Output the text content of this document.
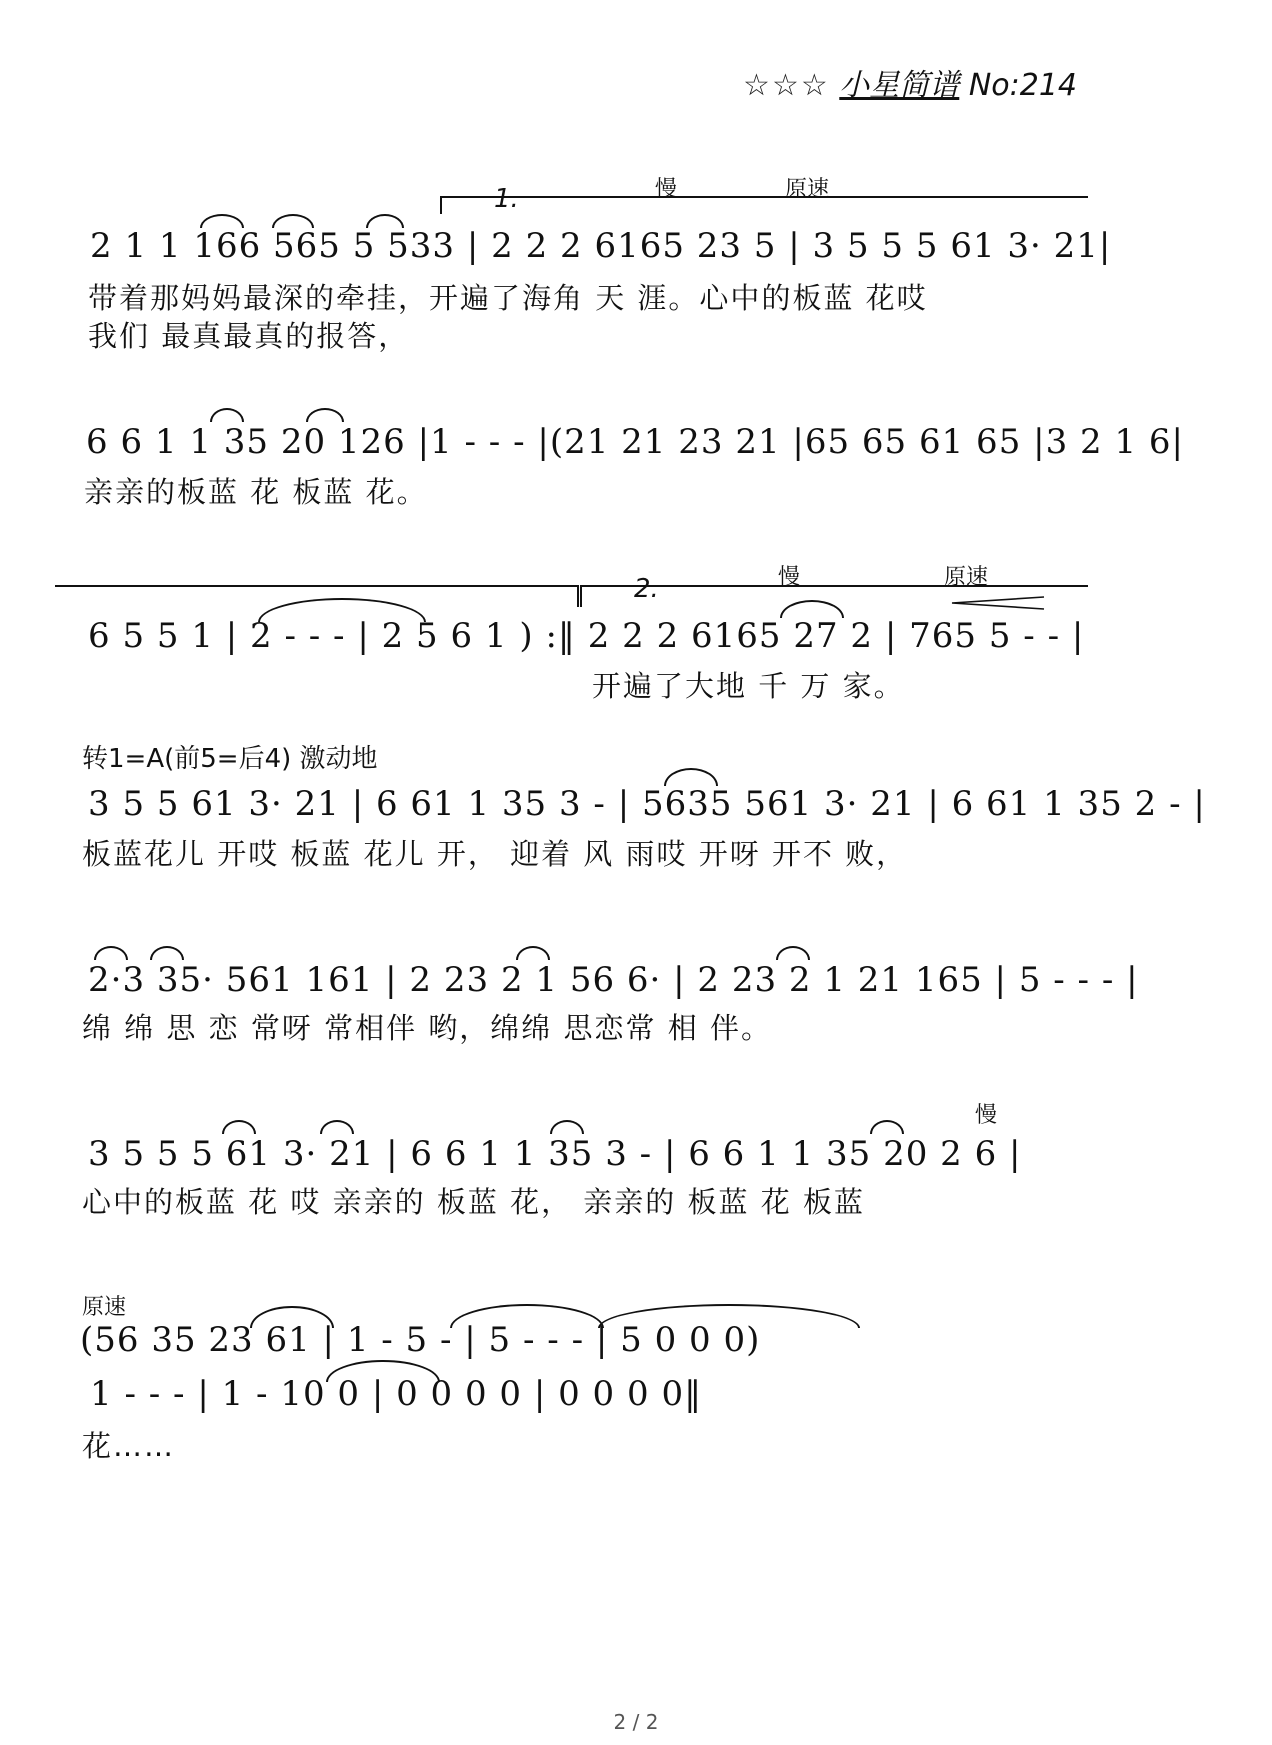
☆☆☆ 小星简谱 No:214
1.	慢	原速
2 1 1 166 565 5 533 | 2 2 2 6165 23 5 | 3 5 5 5 61 3· 21|
带着那妈妈最深的牵挂，开遍了海角 天 涯。心中的板蓝 花哎
我们 最真最真的报答，
6 6 1 1 35 20 126 |1 - - - |(21 21 23 21 |65 65 61 65 |3 2 1 6|
亲亲的板蓝 花 板蓝 花。
2.	慢	原速
6 5 5 1 | 2 - - - | 2 5 6 1 ) :‖ 2 2 2 6165 27 2 | 765 5 - - |
开遍了大地 千 万 家。
转1=A(前5=后4) 激动地
3 5 5 61 3· 21 | 6 61 1 35 3 - | 5635 561 3· 21 | 6 61 1 35 2 - |
板蓝花儿 开哎 板蓝 花儿 开， 迎着 风 雨哎 开呀 开不 败，
2·3 35· 561 161 | 2 23 2 1 56 6· | 2 23 2 1 21 165 | 5 - - - |
绵 绵 思 恋 常呀 常相伴 哟，绵绵 思恋常 相 伴。
慢
3 5 5 5 61 3· 21 | 6 6 1 1 35 3 - | 6 6 1 1 35 20 2 6 |
心中的板蓝 花 哎 亲亲的 板蓝 花， 亲亲的 板蓝 花 板蓝
原速
(56 35 23 61 | 1 - 5 - | 5 - - - | 5 0 0 0)
1 - - - | 1 - 10 0 | 0 0 0 0 | 0 0 0 0‖
花……
2 / 2
